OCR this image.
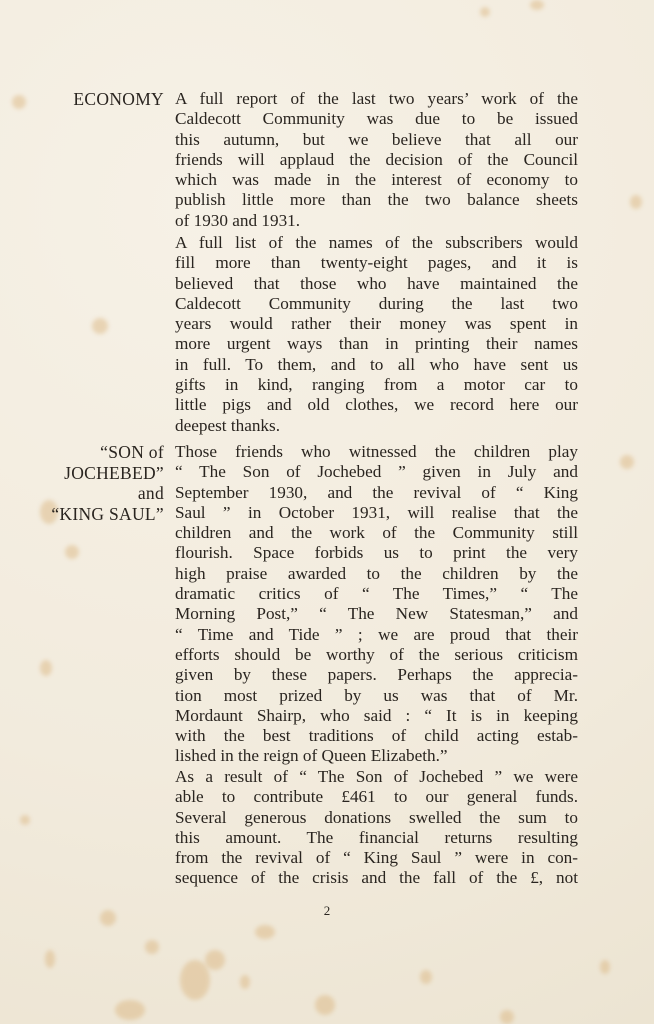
ECONOMY A full report of the last two years’ work of the
Caldecott Community was due to be issued
this autumn, but we believe that all our
friends will applaud the decision of the Council
which was made in the interest of economy to
publish little more than the two balance sheets
of 1930 and 1931.
A full list of the names of the subscribers would
fill more than twenty-eight pages, and it is
believed that those who have maintained the
Caldecott Community during the last two
years would rather their money was spent in
more urgent ways than in printing their names
in full. To them, and to all who have sent us
gifts in kind, ranging from a motor car to
little pigs and old clothes, we record here our
deepest thanks.
“SON of
JOCHEBED”
and
“KING SAUL”
Those friends who witnessed the children play
“ The Son of Jochebed ” given in July and
September 1930, and the revival of “ King
Saul ” in October 1931, will realise that the
children and the work of the Community still
flourish. Space forbids us to print the very
high praise awarded to the children by the
dramatic critics of “ The Times,” “ The
Morning Post,” “ The New Statesman,” and
“ Time and Tide ” ; we are proud that their
efforts should be worthy of the serious criticism
given by these papers. Perhaps the apprecia-
tion most prized by us was that of Mr.
Mordaunt Shairp, who said : “ It is in keeping
with the best traditions of child acting estab-
lished in the reign of Queen Elizabeth.”
As a result of “ The Son of Jochebed ” we were
able to contribute £461 to our general funds.
Several generous donations swelled the sum to
this amount. The financial returns resulting
from the revival of “ King Saul ” were in con-
sequence of the crisis and the fall of the £, not
2
